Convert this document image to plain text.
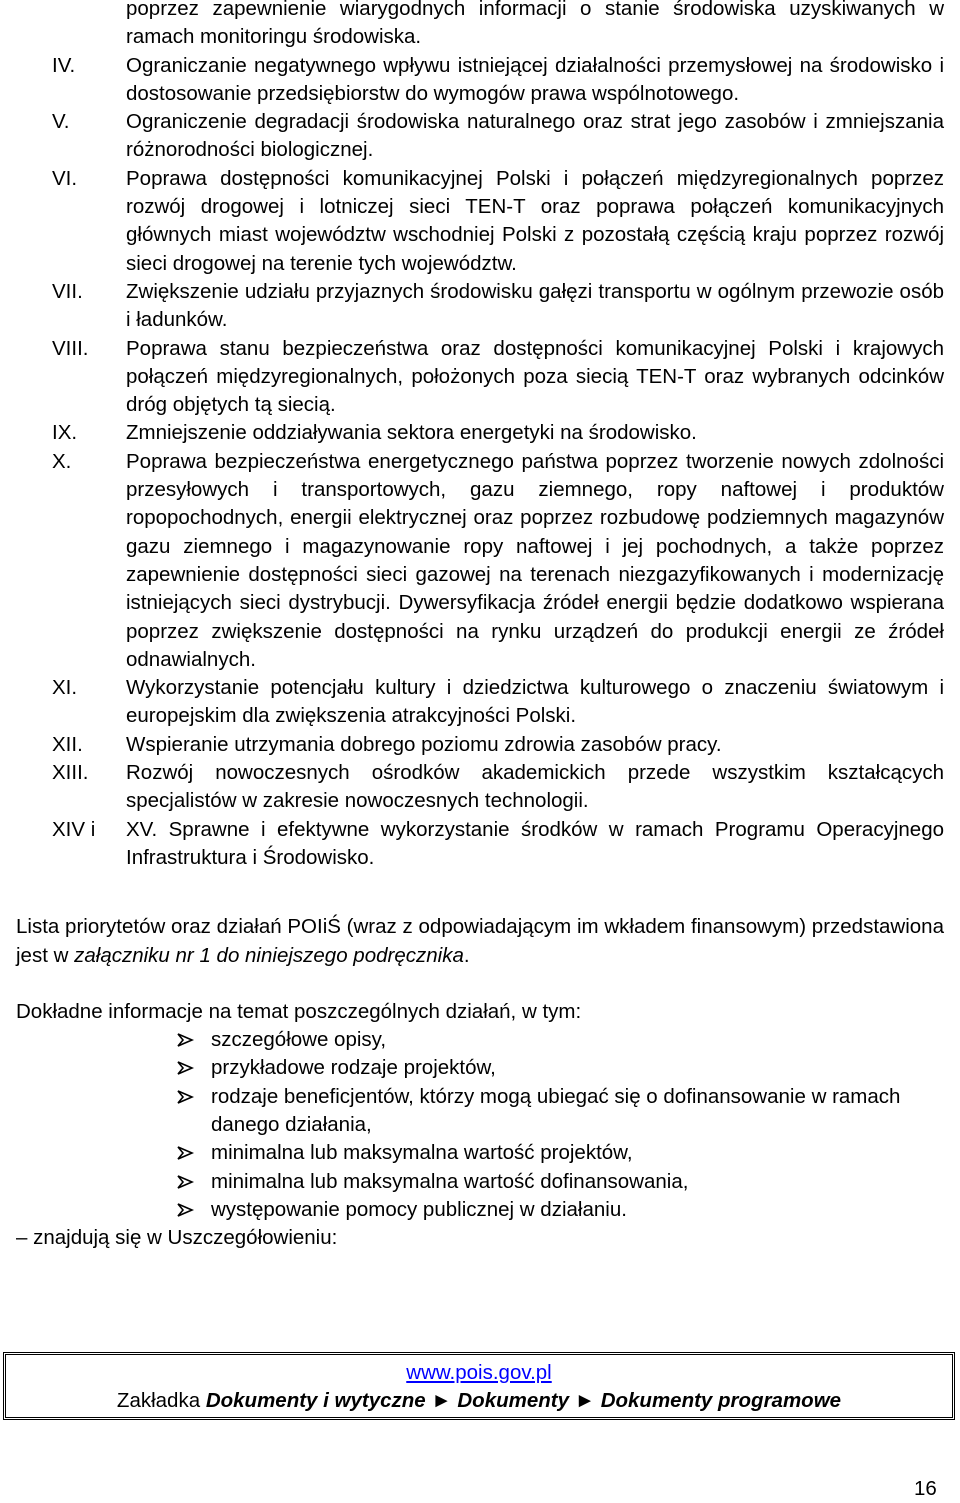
poprzez zapewnienie wiarygodnych informacji o stanie środowiska uzyskiwanych w ramach monitoringu środowiska.
IV. Ograniczanie negatywnego wpływu istniejącej działalności przemysłowej na środowisko i dostosowanie przedsiębiorstw do wymogów prawa wspólnotowego.
V.	Ograniczenie degradacji środowiska naturalnego oraz strat jego zasobów i zmniejszania różnorodności biologicznej.
VI. Poprawa dostępności komunikacyjnej Polski i połączeń międzyregionalnych poprzez rozwój drogowej i lotniczej sieci TEN-T oraz poprawa połączeń komunikacyjnych głównych miast województw wschodniej Polski z pozostałą częścią kraju poprzez rozwój sieci drogowej na terenie tych województw.
VII. Zwiększenie udziału przyjaznych środowisku gałęzi transportu w ogólnym przewozie osób i ładunków.
VIII. Poprawa stanu bezpieczeństwa oraz dostępności komunikacyjnej Polski i krajowych połączeń międzyregionalnych, położonych poza siecią TEN-T oraz wybranych odcinków dróg objętych tą siecią.
IX. Zmniejszenie oddziaływania sektora energetyki na środowisko.
X.	Poprawa bezpieczeństwa energetycznego państwa poprzez tworzenie nowych zdolności przesyłowych i transportowych, gazu ziemnego, ropy naftowej i produktów ropopochodnych, energii elektrycznej oraz poprzez rozbudowę podziemnych magazynów gazu ziemnego i magazynowanie ropy naftowej i jej pochodnych, a także poprzez zapewnienie dostępności sieci gazowej na terenach niezgazyfikowanych i modernizację istniejących sieci dystrybucji. Dywersyfikacja źródeł energii będzie dodatkowo wspierana poprzez zwiększenie dostępności na rynku urządzeń do produkcji energii ze źródeł odnawialnych.
XI. Wykorzystanie potencjału kultury i dziedzictwa kulturowego o znaczeniu światowym i europejskim dla zwiększenia atrakcyjności Polski.
XII. Wspieranie utrzymania dobrego poziomu zdrowia zasobów pracy.
XIII. Rozwój nowoczesnych ośrodków akademickich przede wszystkim kształcących specjalistów w zakresie nowoczesnych technologii.
XIV i XV. Sprawne i efektywne wykorzystanie środków w ramach Programu Operacyjnego Infrastruktura i Środowisko.
Lista priorytetów oraz działań POIiŚ (wraz z odpowiadającym im wkładem finansowym) przedstawiona jest w załączniku nr 1 do niniejszego podręcznika.
Dokładne informacje na temat poszczególnych działań, w tym:
szczegółowe opisy,
przykładowe rodzaje projektów,
rodzaje beneficjentów, którzy mogą ubiegać się o dofinansowanie w ramach danego działania,
minimalna lub maksymalna wartość projektów,
minimalna lub maksymalna wartość dofinansowania,
występowanie pomocy publicznej w działaniu.
– znajdują się w Uszczegółowieniu:
www.pois.gov.pl
Zakładka Dokumenty i wytyczne ► Dokumenty ► Dokumenty programowe
16
